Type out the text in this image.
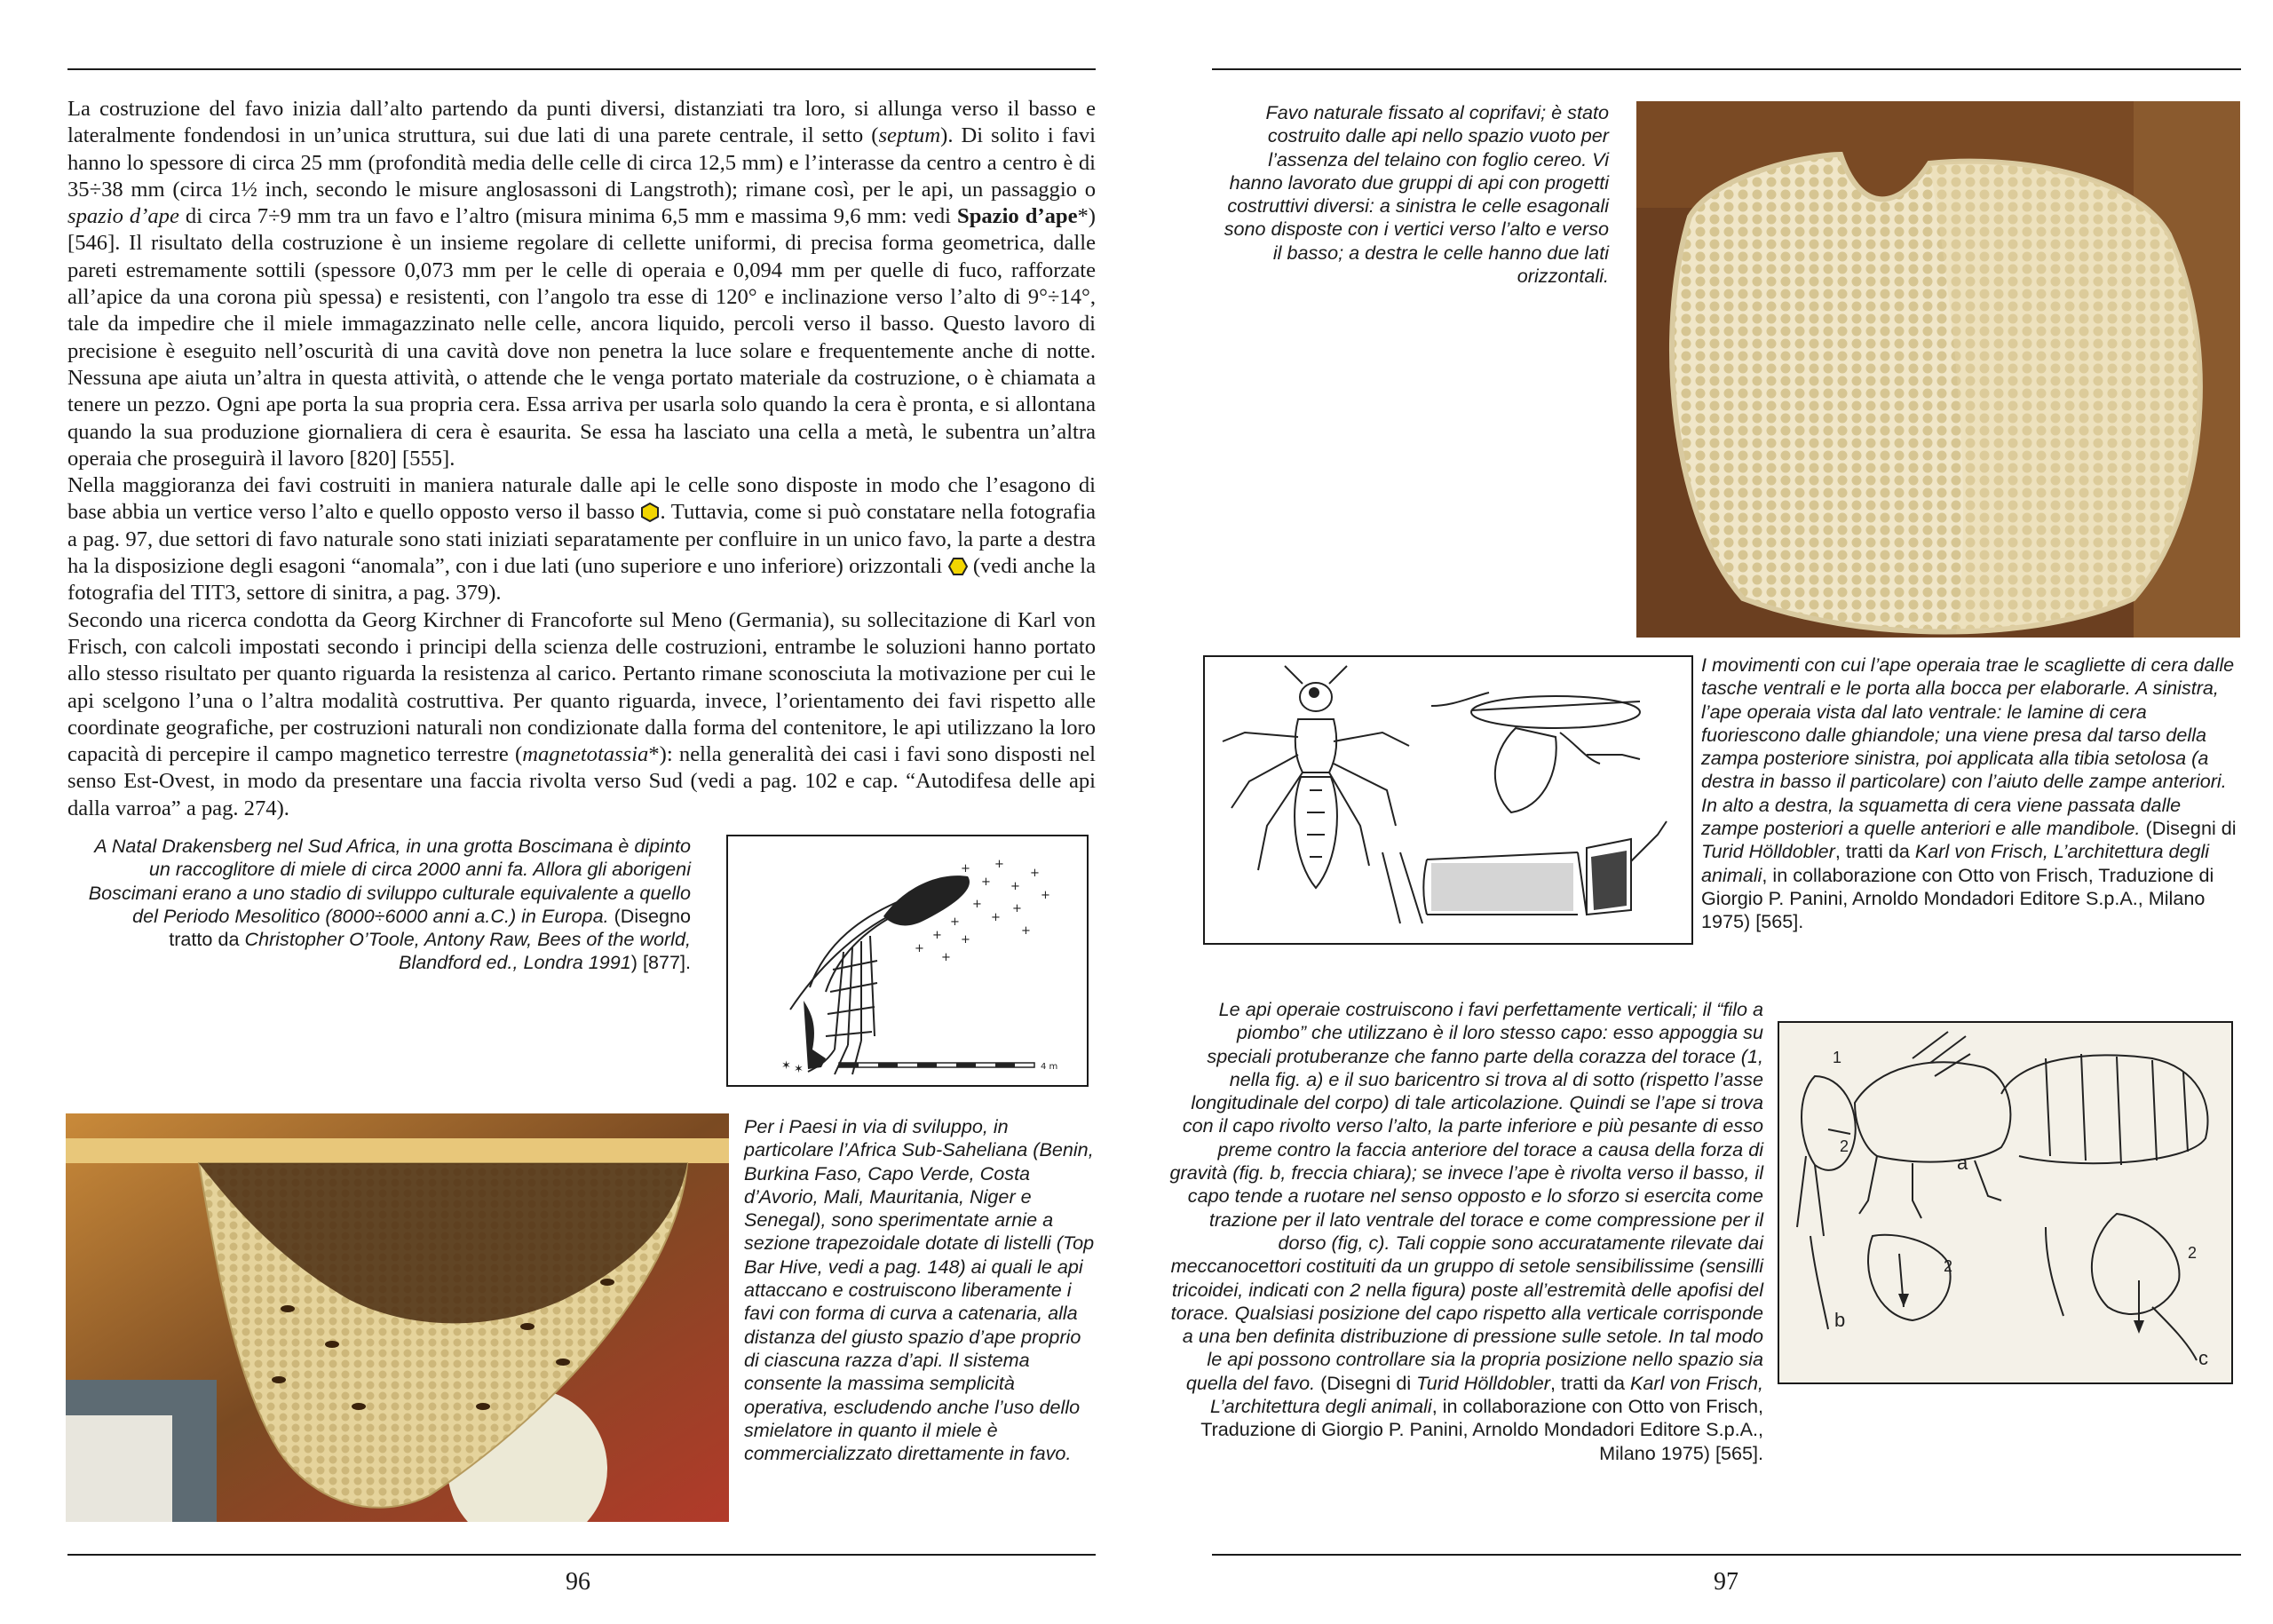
La costruzione del favo inizia dall’alto partendo da punti diversi, distanziati tra loro, si allunga verso il basso e lateralmente fondendosi in un’unica struttura, sui due lati di una parete centrale, il setto (septum). Di solito i favi hanno lo spessore di circa 25 mm (profondità media delle celle di circa 12,5 mm) e l’interasse da centro a centro è di 35÷38 mm (circa 1½ inch, secondo le misure anglosassoni di Langstroth); rimane così, per le api, un passaggio o spazio d’ape di circa 7÷9 mm tra un favo e l’altro (misura minima 6,5 mm e massima 9,6 mm: vedi Spazio d’ape*) [546]. Il risultato della costruzione è un insieme regolare di cellette uniformi, di precisa forma geometrica, dalle pareti estremamente sottili (spessore 0,073 mm per le celle di operaia e 0,094 mm per quelle di fuco, rafforzate all’apice da una corona più spessa) e resistenti, con l’angolo tra esse di 120° e inclinazione verso l’alto di 9°÷14°, tale da impedire che il miele immagazzinato nelle celle, ancora liquido, percoli verso il basso. Questo lavoro di precisione è eseguito nell’oscurità di una cavità dove non penetra la luce solare e frequentemente anche di notte. Nessuna ape aiuta un’altra in questa attività, o attende che le venga portato materiale da costruzione, o è chiamata a tenere un pezzo. Ogni ape porta la sua propria cera. Essa arriva per usarla solo quando la cera è pronta, e si allontana quando la sua produzione giornaliera di cera è esaurita. Se essa ha lasciato una cella a metà, le subentra un’altra operaia che proseguirà il lavoro [820] [555].

Nella maggioranza dei favi costruiti in maniera naturale dalle api le celle sono disposte in modo che l’esagono di base abbia un vertice verso l’alto e quello opposto verso il basso
. Tuttavia, come si può constatare nella fotografia a pag. 97, due settori di favo naturale sono stati iniziati separatamente per confluire in un unico favo, la parte a destra ha la disposizione degli esagoni “anomala”, con i due lati (uno superiore e uno inferiore) orizzontali
(vedi anche la fotografia del TIT3, settore di sinitra, a pag. 379).

Secondo una ricerca condotta da Georg Kirchner di Francoforte sul Meno (Germania), su sollecitazione di Karl von Frisch, con calcoli impostati secondo i principi della scienza delle costruzioni, entrambe le soluzioni hanno portato allo stesso risultato per quanto riguarda la resistenza al carico. Pertanto rimane sconosciuta la motivazione per cui le api scelgono l’una o l’altra modalità costruttiva. Per quanto riguarda, invece, l’orientamento dei favi rispetto alle coordinate geografiche, per costruzioni naturali non condizionate dalla forma del contenitore, le api utilizzano la loro capacità di percepire il campo magnetico terrestre (magnetotassia*): nella generalità dei casi i favi sono disposti nel senso Est-Ovest, in modo da presentare una faccia rivolta verso Sud (vedi a pag. 102 e cap. “Autodifesa delle api dalla varroa” a pag. 274).

A Natal Drakensberg nel Sud Africa, in una grotta Boscimana è dipinto un raccoglitore di miele di circa 2000 anni fa. Allora gli aborigeni Boscimani erano a uno stadio di sviluppo culturale equivalente a quello del Periodo Mesolitico (8000÷6000 anni a.C.) in Europa. (Disegno tratto da Christopher O’Toole, Antony Raw, Bees of the world, Blandford ed., Londra 1991) [877].
+
+
+
+
+
+
+
+
+
+ +
+
+
+
+
✶ ✶	4 m
Per i Paesi in via di sviluppo, in particolare l’Africa Sub-Saheliana (Benin, Burkina Faso, Capo Verde, Costa d’Avorio, Mali, Mauritania, Niger e Senegal), sono sperimentate arnie a sezione trapezoidale dotate di listelli (Top Bar Hive, vedi a pag. 148) ai quali le api attaccano e costruiscono liberamente i favi con forma di curva a catenaria, alla distanza del giusto spazio d’ape proprio di ciascuna razza d’api. Il sistema consente la massima semplicità operativa, escludendo anche l’uso dello smielatore in quanto il miele è commercializzato direttamente in favo.
96
Favo naturale fissato al coprifavi; è stato costruito dalle api nello spazio vuoto per l’assenza del telaino con foglio cereo. Vi hanno lavorato due gruppi di api con progetti costruttivi diversi: a sinistra le celle esagonali sono disposte con i vertici verso l’alto e verso il basso; a destra le celle hanno due lati orizzontali.
I movimenti con cui l’ape operaia trae le scagliette di cera dalle tasche ventrali e le porta alla bocca per elaborarle. A sinistra, l’ape operaia vista dal lato ventrale: le lamine di cera fuoriescono dalle ghiandole; una viene presa dal tarso della zampa posteriore sinistra, poi applicata alla tibia setolosa (a destra in basso il particolare) con l’aiuto delle zampe anteriori. In alto a destra, la squametta di cera viene passata dalle zampe posteriori a quelle anteriori e alle mandibole. (Disegni di Turid Hölldobler, tratti da Karl von Frisch, L’architettura degli animali, in collaborazione con Otto von Frisch, Traduzione di Giorgio P. Panini, Arnoldo Mondadori Editore S.p.A., Milano 1975) [565].
Le api operaie costruiscono i favi perfettamente verticali; il “filo a piombo” che utilizzano è il loro stesso capo: esso appoggia su speciali protuberanze che fanno parte della corazza del torace (1, nella fig. a) e il suo baricentro si trova al di sotto (rispetto l’asse longitudinale del corpo) di tale articolazione. Quindi se l’ape si trova con il capo rivolto verso l’alto, la parte inferiore e più pesante di esso preme contro la faccia anteriore del torace a causa della forza di gravità (fig. b, freccia chiara); se invece l’ape è rivolta verso il basso, il capo tende a ruotare nel senso opposto e lo sforzo si esercita come trazione per il lato ventrale del torace e come compressione per il dorso (fig, c). Tali coppie sono accuratamente rilevate dai meccanocettori costituiti da un gruppo di setole sensibilissime (sensilli tricoidei, indicati con 2 nella figura) poste all’estremità delle apofisi del torace. Qualsiasi posizione del capo rispetto alla verticale corrisponde a una ben definita distribuzione di pressione sulle setole. In tal modo le api possono controllare sia la propria posizione nello spazio sia quella del favo. (Disegni di Turid Hölldobler, tratti da Karl von Frisch, L’architettura degli animali, in collaborazione con Otto von Frisch, Traduzione di Giorgio P. Panini, Arnoldo Mondadori Editore S.p.A., Milano 1975) [565].
1
2
a
2
b
2
c
97
